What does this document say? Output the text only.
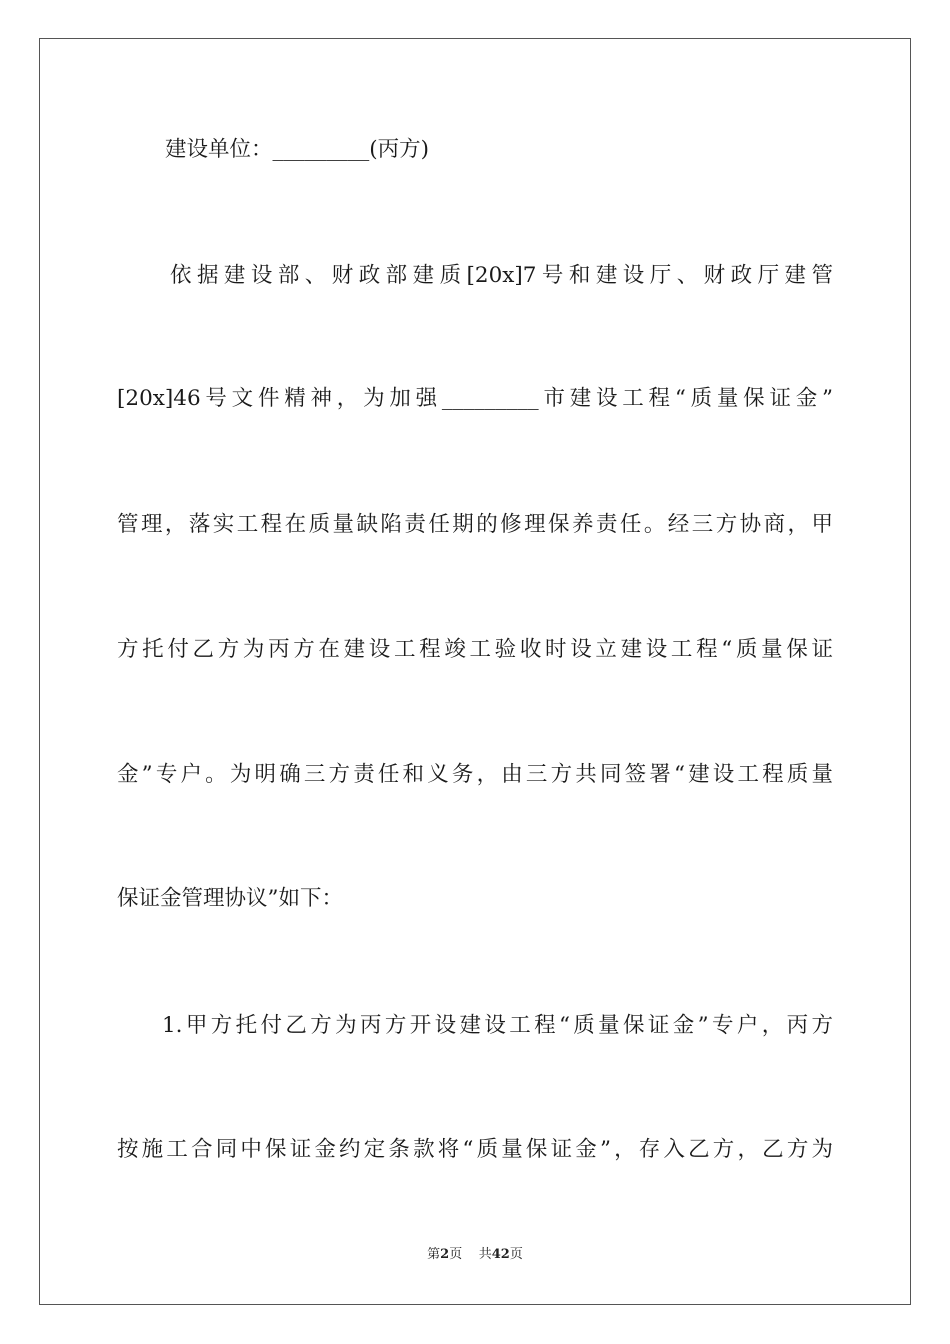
建设单位：_________(丙方)
依据建设部、财政部建质[20x]7号和建设厅、财政厅建管
[20x]46号文件精神，为加强_________市建设工程“质量保证金”
管理，落实工程在质量缺陷责任期的修理保养责任。经三方协商，甲
方托付乙方为丙方在建设工程竣工验收时设立建设工程“质量保证
金”专户。为明确三方责任和义务，由三方共同签署“建设工程质量
保证金管理协议”如下：
1.甲方托付乙方为丙方开设建设工程“质量保证金”专户，丙方
按施工合同中保证金约定条款将“质量保证金”，存入乙方，乙方为
第2页 共42页
